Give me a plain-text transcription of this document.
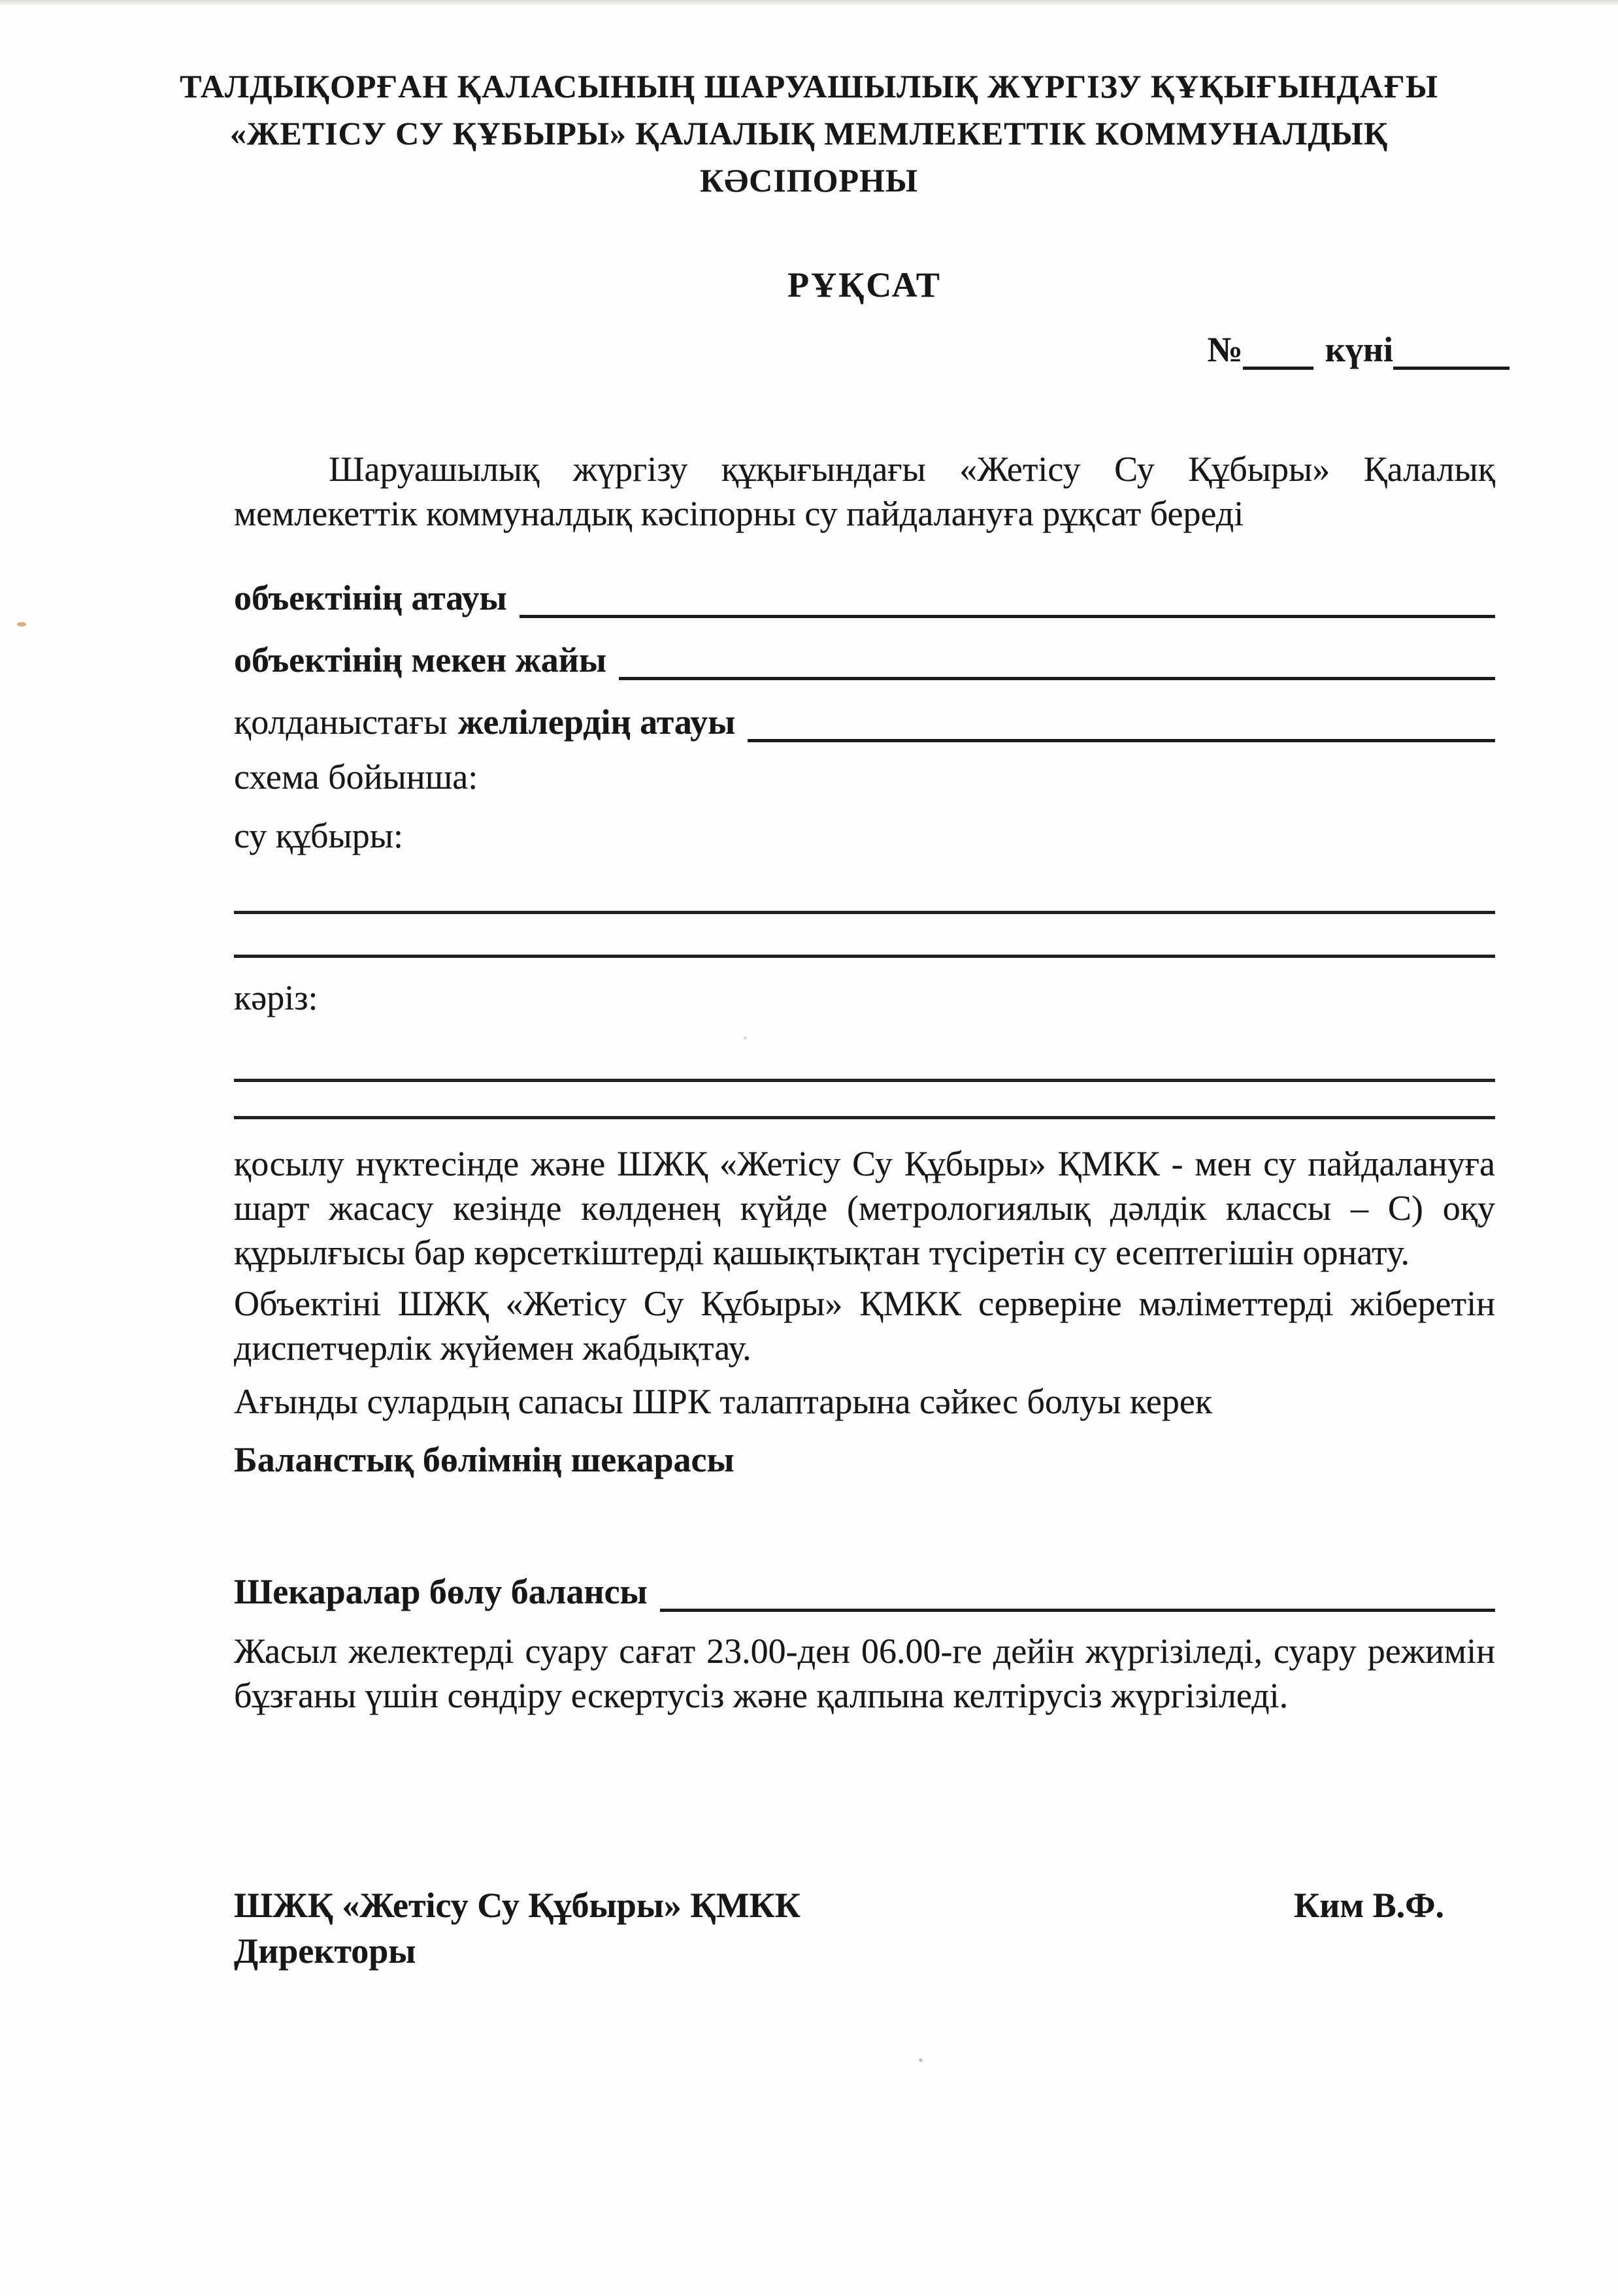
ТАЛДЫҚОРҒАН ҚАЛАСЫНЫҢ ШАРУАШЫЛЫҚ ЖҮРГІЗУ ҚҰҚЫҒЫНДАҒЫ
«ЖЕТІСУ СУ ҚҰБЫРЫ» ҚАЛАЛЫҚ МЕМЛЕКЕТТІК КОММУНАЛДЫҚ
КӘСІПОРНЫ
РҰҚСАТ
№ күні

Шаруашылық жүргізу құқығындағы «Жетісу Су Құбыры» Қалалық мемлекеттік коммуналдық кәсіпорны су пайдалануға рұқсат береді

объектінің атауы
объектінің мекен жайы
қолданыстағы желілердің атауы
схема бойынша:
су құбыры:
кәріз:

қосылу нүктесінде және ШЖҚ «Жетісу Су Құбыры» ҚМКК - мен су пайдалануға шарт жасасу кезінде көлденең күйде (метрологиялық дәлдік классы – С) оқу құрылғысы бар көрсеткіштерді қашықтықтан түсіретін су есептегішін орнату.

Объектіні ШЖҚ «Жетісу Су Құбыры» ҚМКК серверіне мәліметтерді жіберетін диспетчерлік жүйемен жабдықтау.

Ағынды сулардың сапасы ШРК талаптарына сәйкес болуы керек

Баланстық бөлімнің шекарасы
Шекаралар бөлу балансы

Жасыл желектерді суару сағат 23.00-ден 06.00-ге дейін жүргізіледі, суару режимін бұзғаны үшін сөндіру ескертусіз және қалпына келтірусіз жүргізіледі.

ШЖҚ «Жетісу Су Құбыры» ҚМКК
Директоры
Ким В.Ф.
